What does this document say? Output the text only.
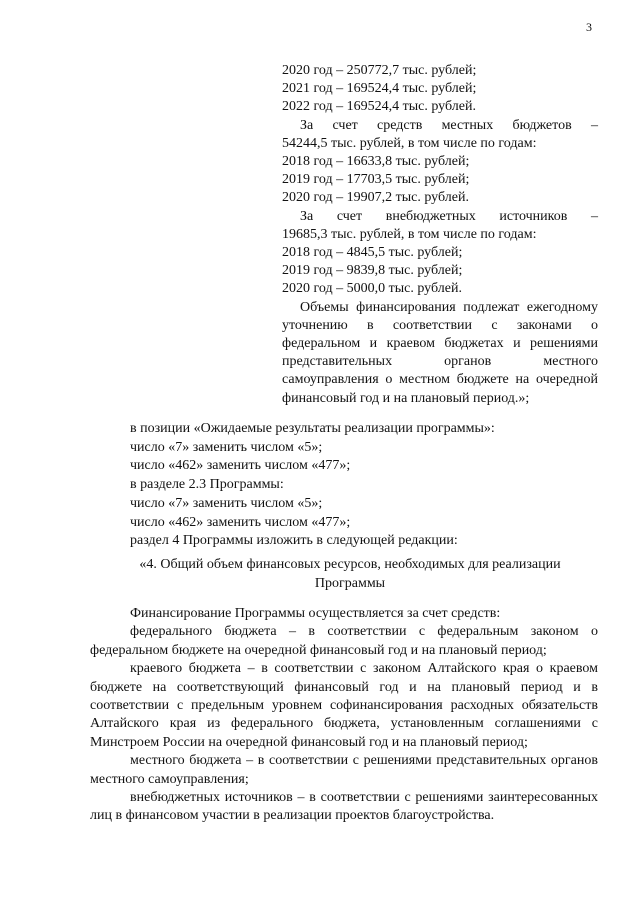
3
2020 год – 250772,7 тыс. рублей;
2021 год – 169524,4 тыс. рублей;
2022 год – 169524,4 тыс. рублей.
За счет средств местных бюджетов –
54244,5 тыс. рублей, в том числе по годам:
2018 год – 16633,8 тыс. рублей;
2019 год – 17703,5 тыс. рублей;
2020 год – 19907,2 тыс. рублей.
За счет внебюджетных источников –
19685,3 тыс. рублей, в том числе по годам:
2018 год – 4845,5 тыс. рублей;
2019 год – 9839,8 тыс. рублей;
2020 год – 5000,0 тыс. рублей.
Объемы финансирования подлежат ежегодному уточнению в соответствии с законами о федеральном и краевом бюджетах и решениями представительных органов местного самоуправления о местном бюджете на очередной финансовый год и на плановый период.»;
в позиции «Ожидаемые результаты реализации программы»:
число «7» заменить числом «5»;
число «462» заменить числом «477»;
в разделе 2.3 Программы:
число «7» заменить числом «5»;
число «462» заменить числом «477»;
раздел 4 Программы изложить в следующей редакции:
«4. Общий объем финансовых ресурсов, необходимых для реализации
Программы

Финансирование Программы осуществляется за счет средств:

федерального бюджета – в соответствии с федеральным законом о федеральном бюджете на очередной финансовый год и на плановый период;

краевого бюджета – в соответствии с законом Алтайского края о краевом бюджете на соответствующий финансовый год и на плановый период и в соответствии с предельным уровнем софинансирования расходных обязательств Алтайского края из федерального бюджета, установленным соглашениями с Минстроем России на очередной финансовый год и на плановый период;

местного бюджета – в соответствии с решениями представительных органов местного самоуправления;

внебюджетных источников – в соответствии с решениями заинтересованных лиц в финансовом участии в реализации проектов благоустройства.
